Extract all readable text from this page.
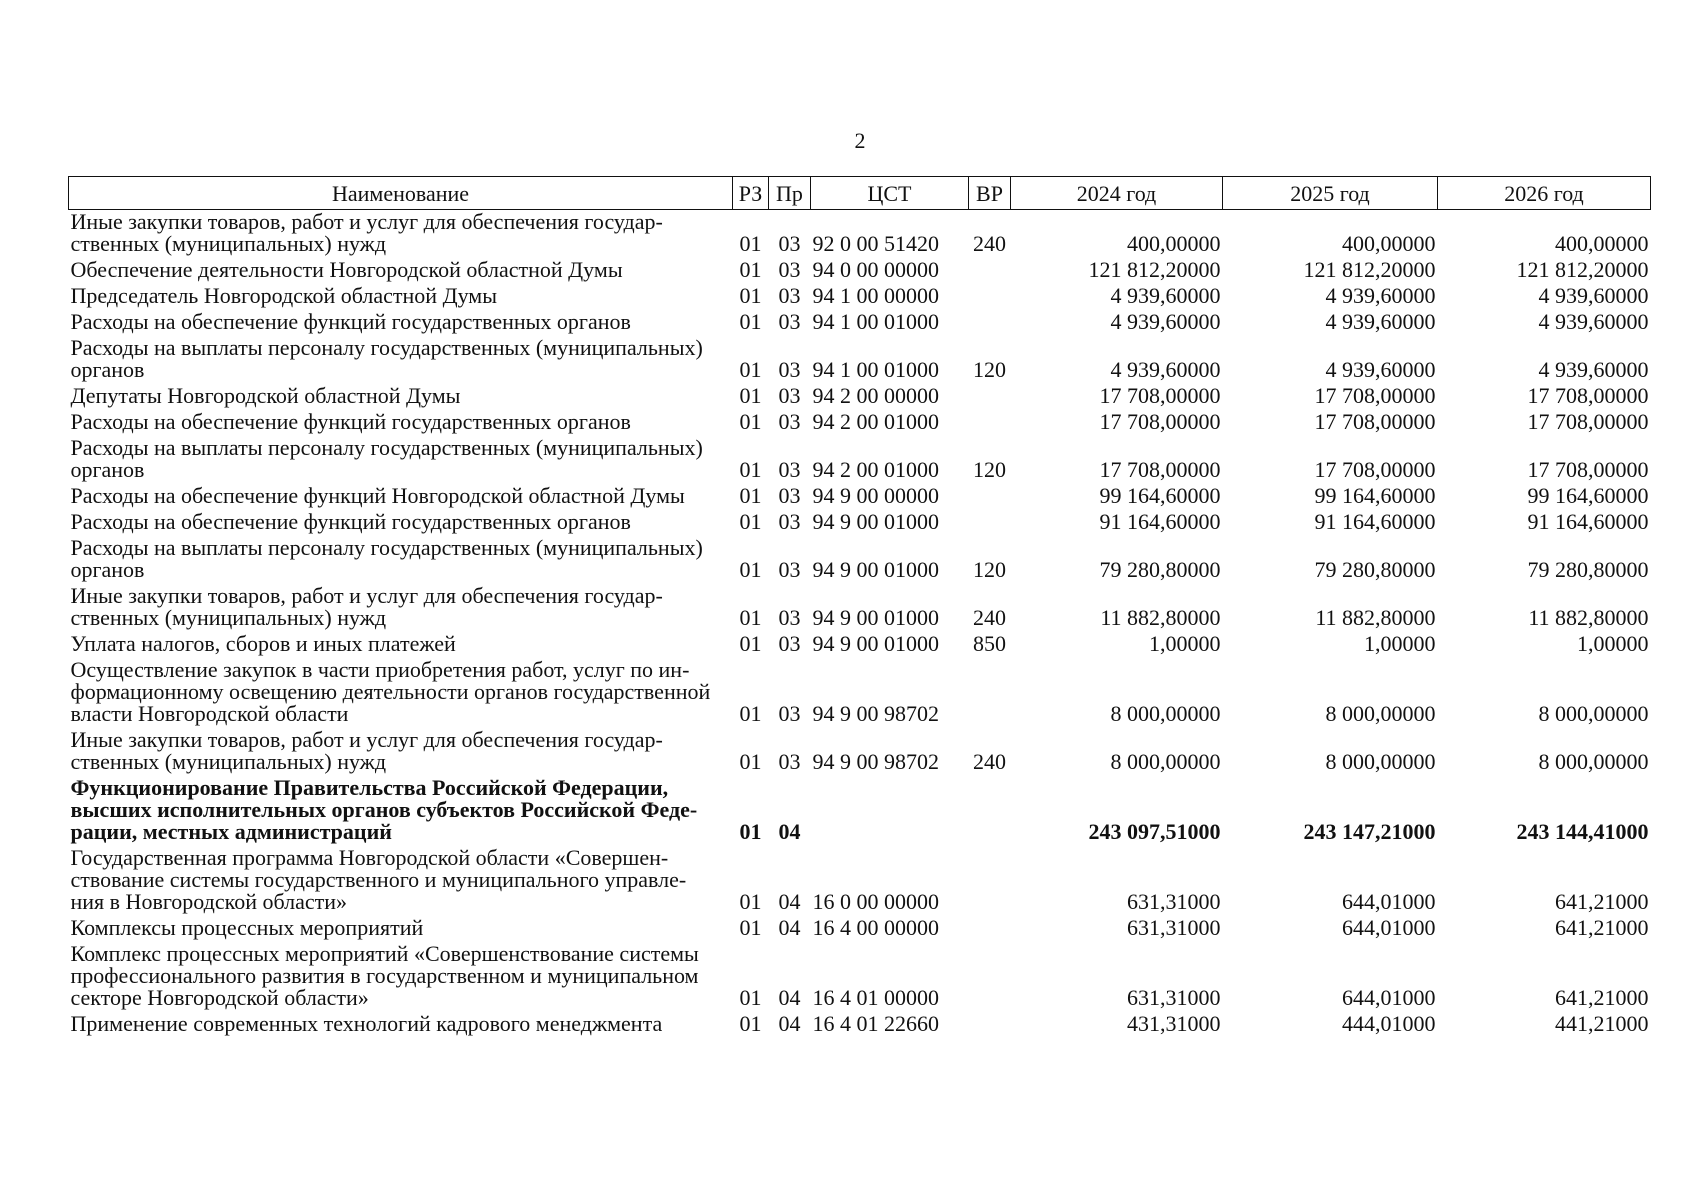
2
Наименование	РЗ	Пр	ЦСТ	ВР	2024 год	2025 год	2026 год
Иные закупки товаров, работ и услуг для обеспечения государ-
ственных (муниципальных) нужд	01	03	92 0 00 51420	240	400,00000	400,00000	400,00000
Обеспечение деятельности Новгородской областной Думы	01	03	94 0 00 00000		121 812,20000	121 812,20000	121 812,20000
Председатель Новгородской областной Думы	01	03	94 1 00 00000		4 939,60000	4 939,60000	4 939,60000
Расходы на обеспечение функций государственных органов	01	03	94 1 00 01000		4 939,60000	4 939,60000	4 939,60000
Расходы на выплаты персоналу государственных (муниципальных)
органов	01	03	94 1 00 01000	120	4 939,60000	4 939,60000	4 939,60000
Депутаты Новгородской областной Думы	01	03	94 2 00 00000		17 708,00000	17 708,00000	17 708,00000
Расходы на обеспечение функций государственных органов	01	03	94 2 00 01000		17 708,00000	17 708,00000	17 708,00000
Расходы на выплаты персоналу государственных (муниципальных)
органов	01	03	94 2 00 01000	120	17 708,00000	17 708,00000	17 708,00000
Расходы на обеспечение функций Новгородской областной Думы	01	03	94 9 00 00000		99 164,60000	99 164,60000	99 164,60000
Расходы на обеспечение функций государственных органов	01	03	94 9 00 01000		91 164,60000	91 164,60000	91 164,60000
Расходы на выплаты персоналу государственных (муниципальных)
органов	01	03	94 9 00 01000	120	79 280,80000	79 280,80000	79 280,80000
Иные закупки товаров, работ и услуг для обеспечения государ-
ственных (муниципальных) нужд	01	03	94 9 00 01000	240	11 882,80000	11 882,80000	11 882,80000
Уплата налогов, сборов и иных платежей	01	03	94 9 00 01000	850	1,00000	1,00000	1,00000
Осуществление закупок в части приобретения работ, услуг по ин-
формационному освещению деятельности органов государственной
власти Новгородской области	01	03	94 9 00 98702		8 000,00000	8 000,00000	8 000,00000
Иные закупки товаров, работ и услуг для обеспечения государ-
ственных (муниципальных) нужд	01	03	94 9 00 98702	240	8 000,00000	8 000,00000	8 000,00000
Функционирование Правительства Российской Федерации,
высших исполнительных органов субъектов Российской Феде-
рации, местных администраций	01	04			243 097,51000	243 147,21000	243 144,41000
Государственная программа Новгородской области «Совершен-
ствование системы государственного и муниципального управле-
ния в Новгородской области»	01	04	16 0 00 00000		631,31000	644,01000	641,21000
Комплексы процессных мероприятий	01	04	16 4 00 00000		631,31000	644,01000	641,21000
Комплекс процессных мероприятий «Совершенствование системы
профессионального развития в государственном и муниципальном
секторе Новгородской области»	01	04	16 4 01 00000		631,31000	644,01000	641,21000
Применение современных технологий кадрового менеджмента	01	04	16 4 01 22660		431,31000	444,01000	441,21000
